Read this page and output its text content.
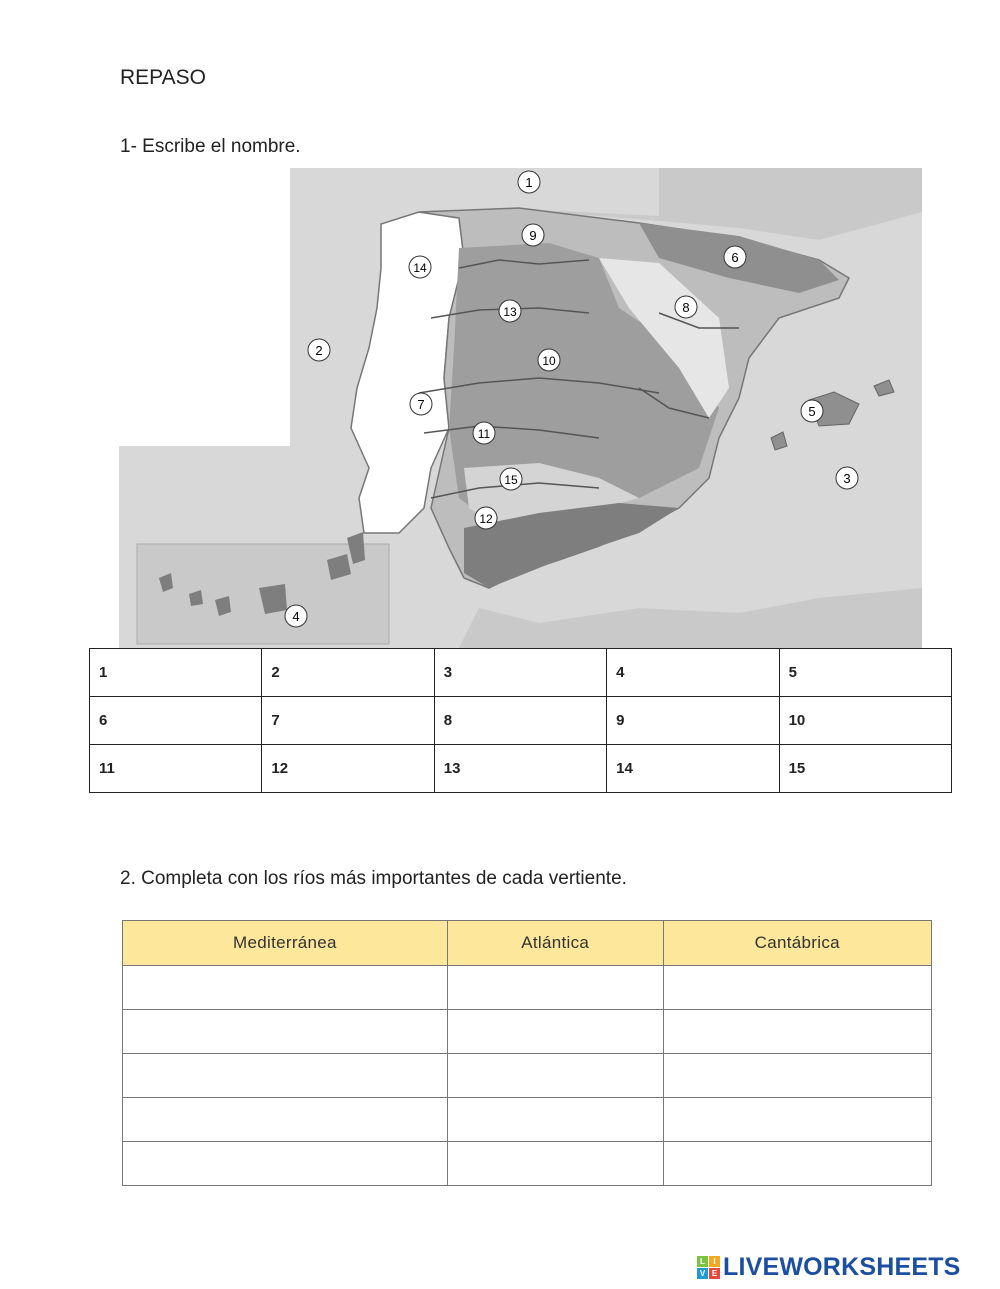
REPASO
1- Escribe el nombre.
1
2
3
4
5
6
7
8
9
10
11
12
13
14
15
1	2	3	4	5
6	7	8	9	10
11	12	13	14	15
2. Completa con los ríos más importantes de cada vertiente.
Mediterránea	Atlántica	Cantábrica

L	I
V E LIVEWORKSHEETS
